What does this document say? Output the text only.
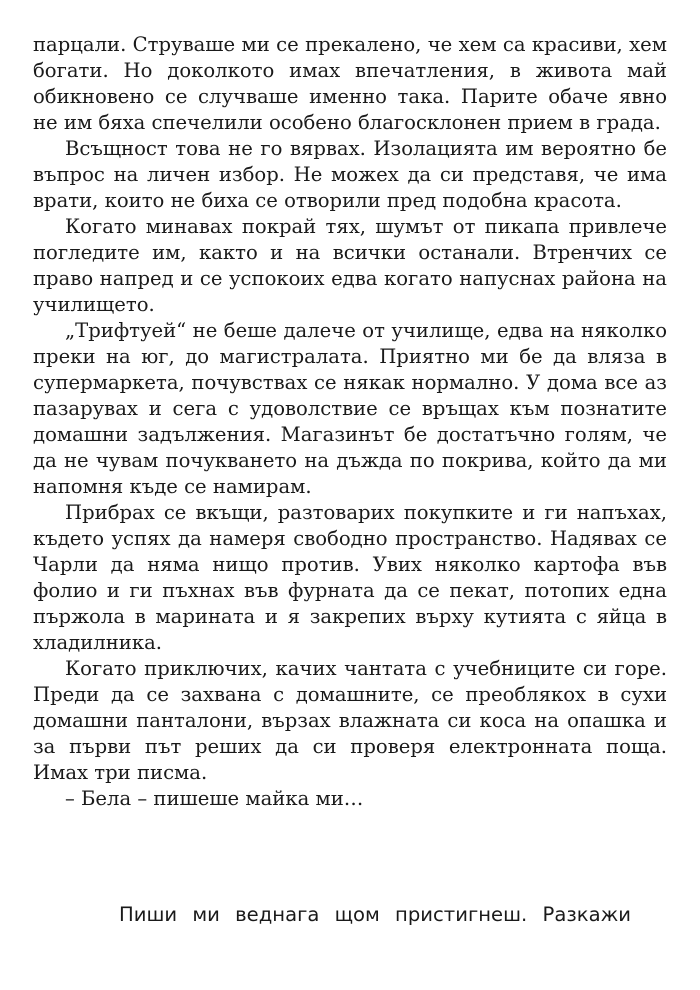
парцали. Струваше ми се прекалено, че хем са красиви, хем богати. Но доколкото имах впечатления, в живота май обикновено се случваше именно така. Парите обаче явно не им бяха спечелили особено благосклонен прием в града.

Всъщност това не го вярвах. Изолацията им вероятно бе въпрос на личен избор. Не можех да си представя, че има врати, които не биха се отворили пред подобна красота.

Когато минавах покрай тях, шумът от пикапа привлече погледите им, както и на всички останали. Втренчих се право напред и се успокоих едва когато напуснах района на училището.

„Трифтуей“ не беше далече от училище, едва на няколко преки на юг, до магистралата. Приятно ми бе да вляза в супермаркета, почувствах се някак нормално. У дома все аз пазарувах и сега с удоволствие се връщах към познатите домашни задължения. Магазинът бе достатъчно голям, че да не чувам почукването на дъжда по покрива, който да ми напомня къде се намирам.

Прибрах се вкъщи, разтоварих покупките и ги напъхах, където успях да намеря свободно пространство. Надявах се Чарли да няма нищо против. Увих няколко картофа във фолио и ги пъхнах във фурната да се пекат, потопих една пържола в марината и я закрепих върху кутията с яйца в хладилника.

Когато приключих, качих чантата с учебниците си горе. Преди да се захвана с домашните, се преоблякох в сухи домашни панталони, вързах влажната си коса на опашка и за първи път реших да си проверя електронната поща. Имах три писма.

– Бела – пишеше майка ми…

Пиши ми веднага щом пристигнеш. Разкажи
